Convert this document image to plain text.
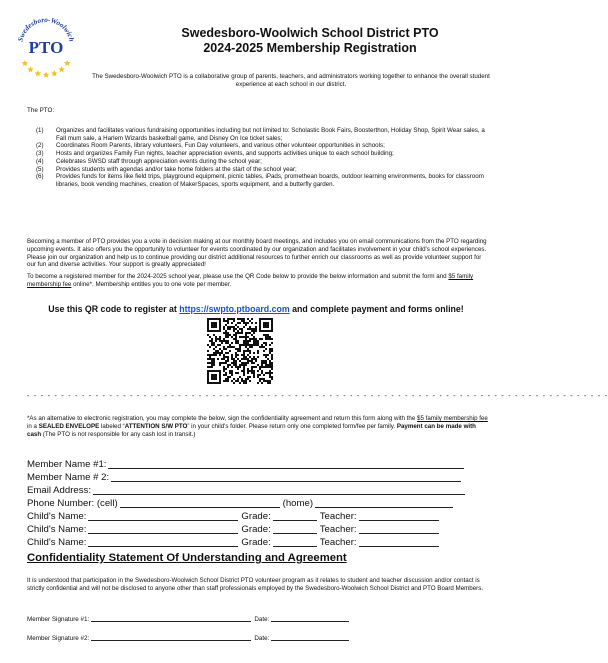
Swedesboro-Woolwich
PTO
Swedesboro-Woolwich School District PTO
2024-2025 Membership Registration
The Swedesboro-Woolwich PTO is a collaborative group of parents, teachers, and administrators working together to enhance the overall student experience at each school in our district.
The PTO:
(1)	Organizes and facilitates various fundraising opportunities including but not limited to: Scholastic Book Fairs, Boosterthon, Holiday Shop, Spirit Wear sales, a Fall mum sale, a Harlem Wizards basketball game, and Disney On Ice ticket sales;
(2)	Coordinates Room Parents, library volunteers, Fun Day volunteers, and various other volunteer opportunities in schools;
(3)	Hosts and organizes Family Fun nights, teacher appreciation events, and supports activities unique to each school building;
(4)	Celebrates SWSD staff through appreciation events during the school year;
(5)	Provides students with agendas and/or take home folders at the start of the school year;
(6)	Provides funds for items like field trips, playground equipment, picnic tables, iPads, promethean boards, outdoor learning environments, books for classroom libraries, book vending machines, creation of MakerSpaces, sports equipment, and a butterfly garden.

Becoming a member of PTO provides you a vote in decision making at our monthly board meetings, and includes you on email communications from the PTO regarding upcoming events. It also offers you the opportunity to volunteer for events coordinated by our organization and facilitates involvement in your child's school experiences. Please join our organization and help us to continue providing our district additional resources to further enrich our classrooms as well as provide volunteer support for our fun and diverse activities. Your support is greatly appreciated!

To become a registered member for the 2024-2025 school year, please use the QR Code below to provide the below information and submit the form and $5 family membership fee online*. Membership entitles you to one vote per member.

Use this QR code to register at https://swpto.ptboard.com and complete payment and forms online!
- - - - - - - - - - - - - - - - - - - - - - - - - - - - - - - - - - - - - - - - - - - - - - - - - - - - - - - - - - - - - - - - - - - - - - - - - - - - - - - - - - - - -

*As an alternative to electronic registration, you may complete the below, sign the confidentiality agreement and return this form along with the $5 family membership fee in a SEALED ENVELOPE labeled “ATTENTION S/W PTO” in your child's folder. Please return only one completed form/fee per family. Payment can be made with cash (The PTO is not responsible for any cash lost in transit.)

Member Name #1:
Member Name # 2:
Email Address:
Phone Number: (cell)	(home)
Child's Name:	Grade:	Teacher:
Child's Name:	Grade:	Teacher:
Child's Name:	Grade:	Teacher:
Confidentiality Statement Of Understanding and Agreement

It is understood that participation in the Swedesboro-Woolwich School District PTO volunteer program as it relates to student and teacher discussion and/or contact is strictly confidential and will not be disclosed to anyone other than staff professionals employed by the Swedesboro-Woolwich School District and PTO Board Members.

Member Signature #1:	Date:
Member Signature #2:	Date:
